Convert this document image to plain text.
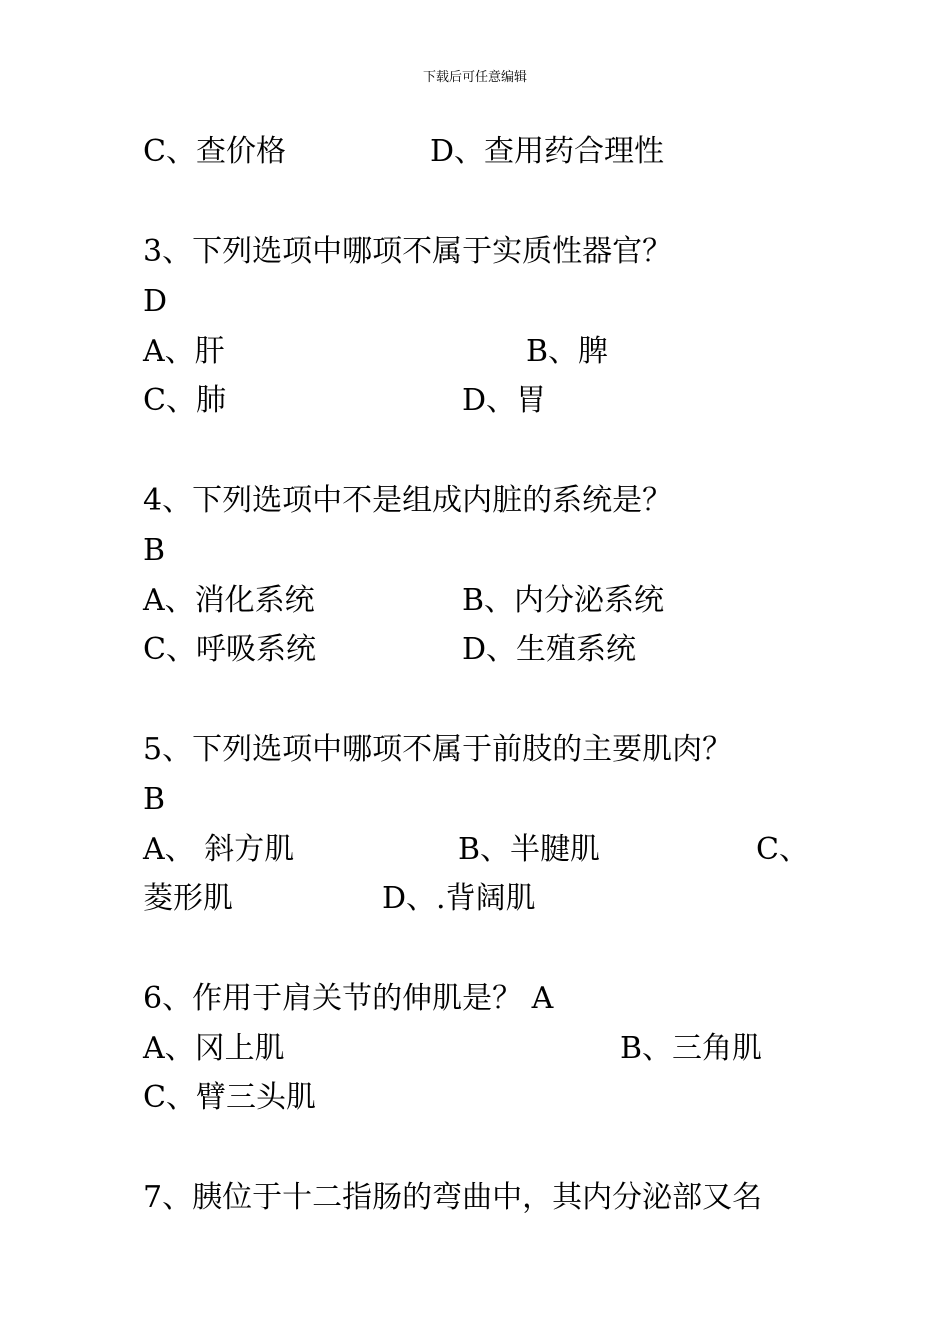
下载后可任意编辑
C、查价格	D、查用药合理性
3、下列选项中哪项不属于实质性器官？
D
A、肝	B、脾
C、肺	D、胃
4、下列选项中不是组成内脏的系统是？
B
A、消化系统	B、内分泌系统
C、呼吸系统	D、生殖系统
5、下列选项中哪项不属于前肢的主要肌肉？
B
A、 斜方肌	B、半腱肌	C、
菱形肌	D、.背阔肌
6、作用于肩关节的伸肌是？ A
A、冈上肌	B、三角肌
C、臂三头肌
7、胰位于十二指肠的弯曲中，其内分泌部又名
